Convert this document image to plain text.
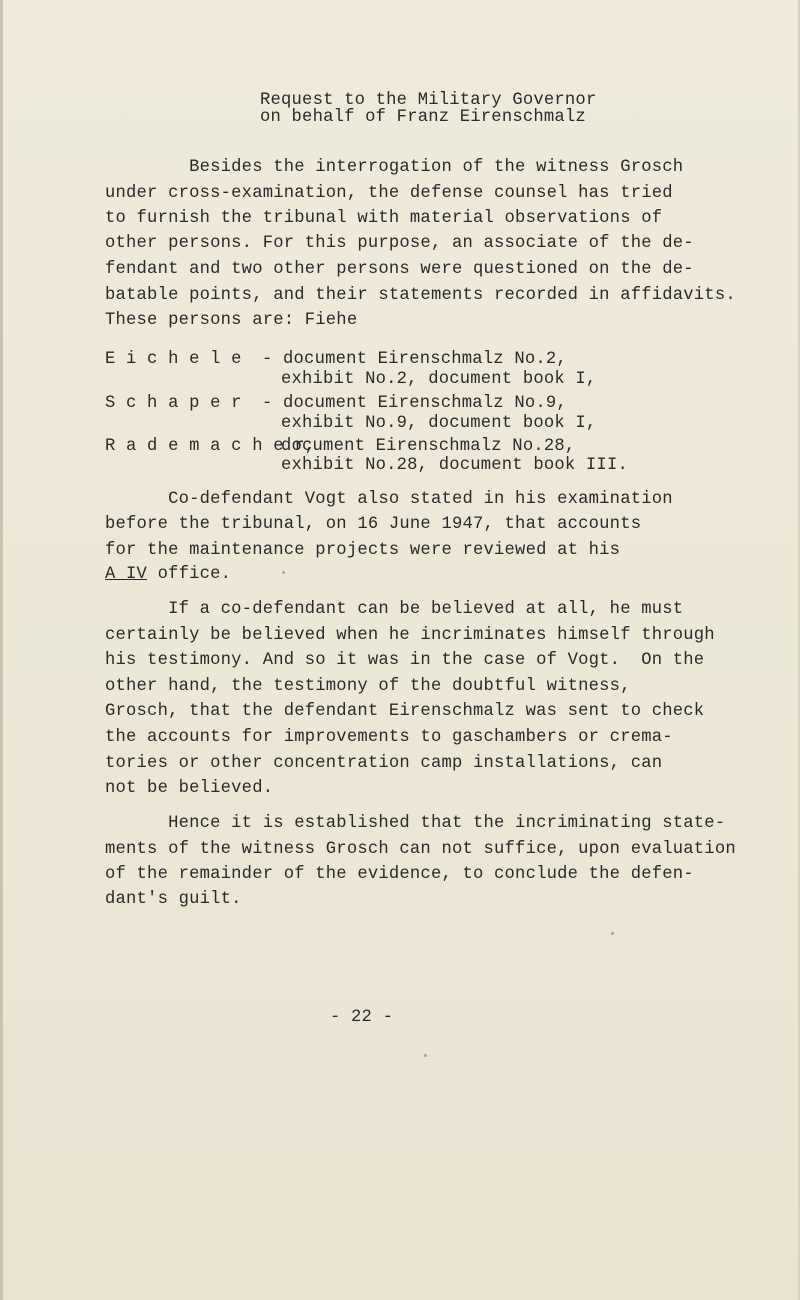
Request to the Military Governor
on behalf of Franz Eirenschmalz
Besides the interrogation of the witness Grosch
under cross-examination, the defense counsel has tried
to furnish the tribunal with material observations of
other persons. For this purpose, an associate of the de-
fendant and two other persons were questioned on the de-
batable points, and their statements recorded in affidavits.
These persons are: Fiehe
E i c h e l e - document Eirenschmalz No.2,
exhibit No.2, document book I,
S c h a p e r - document Eirenschmalz No.9,
exhibit No.9, document book I,
R a d e m a c h e r,
document Eirenschmalz No.28,
exhibit No.28, document book III.
Co-defendant Vogt also stated in his examination
before the tribunal, on 16 June 1947, that accounts
for the maintenance projects were reviewed at his
A IV office.
If a co-defendant can be believed at all, he must
certainly be believed when he incriminates himself through
his testimony. And so it was in the case of Vogt.  On the
other hand, the testimony of the doubtful witness,
Grosch, that the defendant Eirenschmalz was sent to check
the accounts for improvements to gaschambers or crema-
tories or other concentration camp installations, can
not be believed.
Hence it is established that the incriminating state-
ments of the witness Grosch can not suffice, upon evaluation
of the remainder of the evidence, to conclude the defen-
dant's guilt.
- 22 -
